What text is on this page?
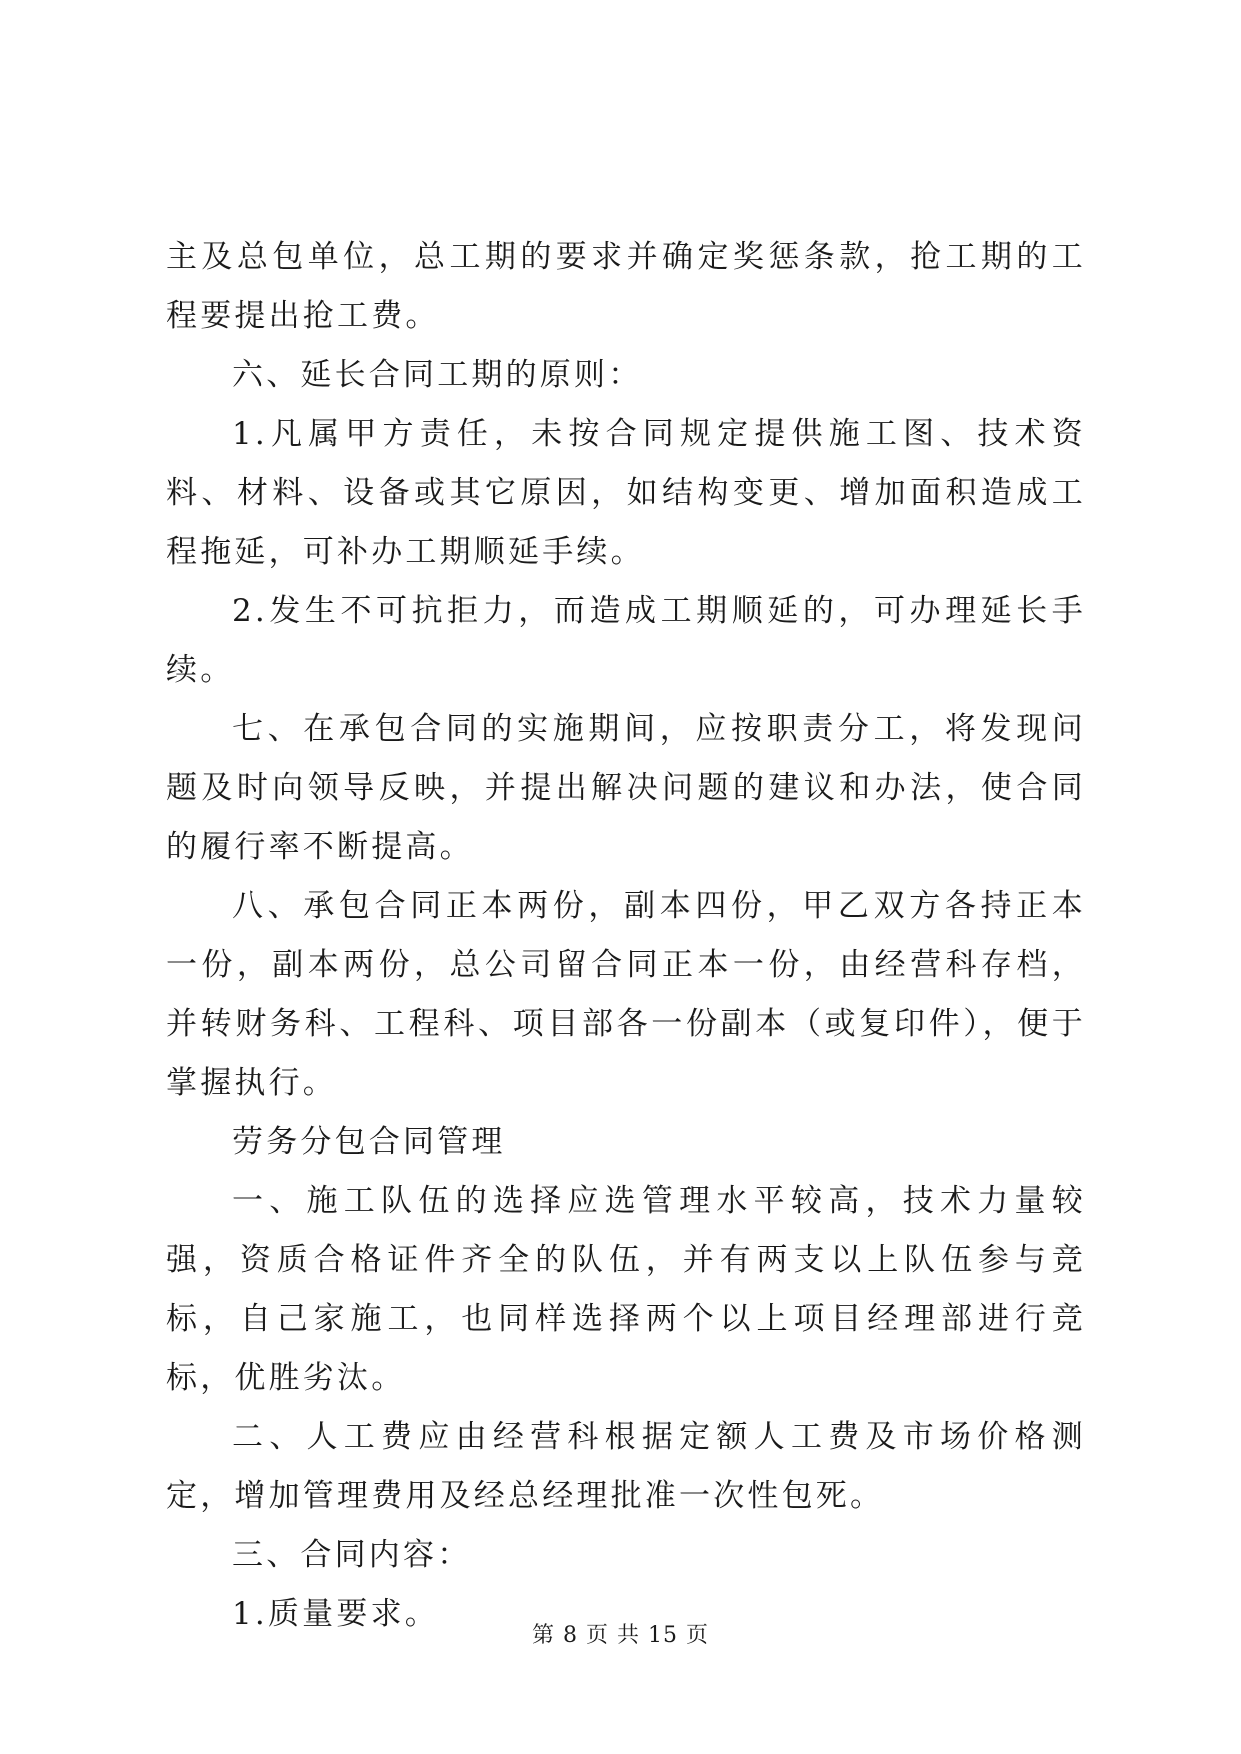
主及总包单位，总工期的要求并确定奖惩条款，抢工期的工程要提出抢工费。

六、延长合同工期的原则：

1.凡属甲方责任，未按合同规定提供施工图、技术资料、材料、设备或其它原因，如结构变更、增加面积造成工程拖延，可补办工期顺延手续。

2.发生不可抗拒力，而造成工期顺延的，可办理延长手续。

七、在承包合同的实施期间，应按职责分工，将发现问题及时向领导反映，并提出解决问题的建议和办法，使合同的履行率不断提高。

八、承包合同正本两份，副本四份，甲乙双方各持正本一份，副本两份，总公司留合同正本一份，由经营科存档，并转财务科、工程科、项目部各一份副本（或复印件），便于掌握执行。

劳务分包合同管理

一、施工队伍的选择应选管理水平较高，技术力量较强，资质合格证件齐全的队伍，并有两支以上队伍参与竞标，自己家施工，也同样选择两个以上项目经理部进行竞标，优胜劣汰。

二、人工费应由经营科根据定额人工费及市场价格测定，增加管理费用及经总经理批准一次性包死。

三、合同内容：

1.质量要求。

第 8 页 共 15 页
